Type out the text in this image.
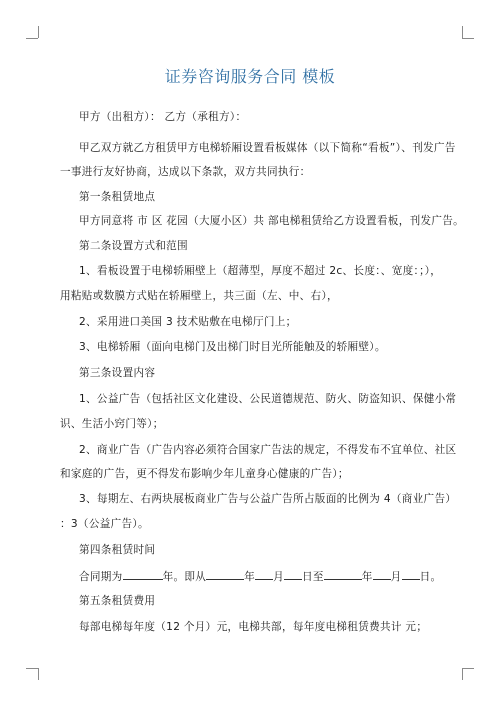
证券咨询服务合同 模板
甲方（出租方）： 乙方（承租方）：
甲乙双方就乙方租赁甲方电梯轿厢设置看板媒体（以下简称“看板”）、刊发广告
一事进行友好协商，达成以下条款，双方共同执行：
第一条租赁地点
甲方同意将 市 区 花园（大厦小区）共 部电梯租赁给乙方设置看板，刊发广告。
第二条设置方式和范围
1、看板设置于电梯轿厢壁上（超薄型，厚度不超过 2c、长度：、宽度：；），
用粘贴或数膜方式贴在轿厢壁上，共三面（左、中、右），
2、采用进口美国 3 技术贴敷在电梯厅门上；
3、电梯轿厢（面向电梯门及出梯门时目光所能触及的轿厢壁）。
第三条设置内容
1、公益广告（包括社区文化建设、公民道德规范、防火、防盗知识、保健小常
识、生活小窍门等）；
2、商业广告（广告内容必须符合国家广告法的规定，不得发布不宜单位、社区
和家庭的广告，更不得发布影响少年儿童身心健康的广告）；
3、每期左、右两块展板商业广告与公益广告所占版面的比例为 4（商业广告）
：3（公益广告）。
第四条租赁时间
合同期为	年。即从	年 月 日至	年 月 日。
第五条租赁费用
每部电梯每年度（12 个月）元，电梯共部，每年度电梯租赁费共计 元；
